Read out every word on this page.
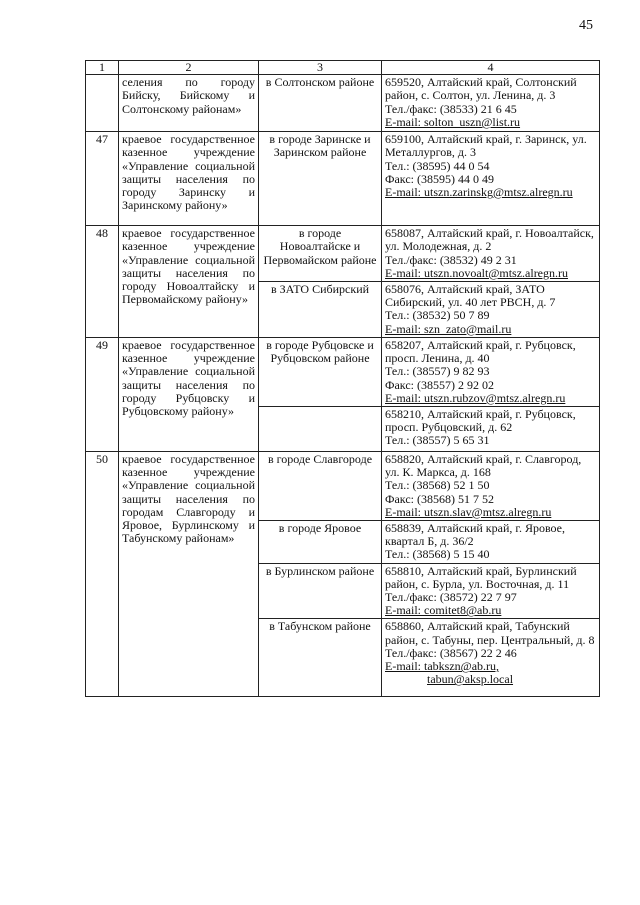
45
1	2	3	4
	селения по городу Бийску, Бийскому и Солтонскому районам»	в Солтонском районе	659520, Алтайский край, Солтонский район, с. Солтон, ул. Ленина, д. 3
Тел./факс: (38533) 21 6 45
E-mail: solton_uszn@list.ru

47	краевое государственное казенное учреждение «Управление социальной защиты населения по городу Заринску и Заринскому району»	в городе Заринске и Заринском районе	659100, Алтайский край, г. Заринск, ул. Металлургов, д. 3
Тел.: (38595) 44 0 54
Факс: (38595) 44 0 49
E-mail: utszn.zarinskg@mtsz.alregn.ru

48	краевое государственное казенное учреждение «Управление социальной защиты населения по городу Новоалтайску и Первомайскому району»	в городе Новоалтайске и Первомайском районе	658087, Алтайский край, г. Новоалтайск, ул. Молодежная, д. 2
Тел./факс: (38532) 49 2 31
E-mail: utszn.novoalt@mtsz.alregn.ru

		в ЗАТО Сибирский	658076, Алтайский край, ЗАТО Сибирский, ул. 40 лет РВСН, д. 7
Тел.: (38532) 50 7 89
E-mail: szn_zato@mail.ru

49	краевое государственное казенное учреждение «Управление социальной защиты населения по городу Рубцовску и Рубцовскому району»	в городе Рубцовске и Рубцовском районе	658207, Алтайский край, г. Рубцовск, просп. Ленина, д. 40
Тел.: (38557) 9 82 93
Факс: (38557) 2 92 02
E-mail: utszn.rubzov@mtsz.alregn.ru

			658210, Алтайский край, г. Рубцовск, просп. Рубцовский, д. 62
Тел.: (38557) 5 65 31

50	краевое государственное казенное учреждение «Управление социальной защиты населения по городам Славгороду и Яровое, Бурлинскому и Табунскому районам»	в городе Славгороде	658820, Алтайский край, г. Славгород, ул. К. Маркса, д. 168
Тел.: (38568) 52 1 50
Факс: (38568) 51 7 52
E-mail: utszn.slav@mtsz.alregn.ru

		в городе Яровое	658839, Алтайский край, г. Яровое, квартал Б, д. 36/2
Тел.: (38568) 5 15 40

		в Бурлинском районе	658810, Алтайский край, Бурлинский район, с. Бурла, ул. Восточная, д. 11
Тел./факс: (38572) 22 7 97
E-mail: comitet8@ab.ru

		в Табунском районе	658860, Алтайский край, Табунский район, с. Табуны, пер. Центральный, д. 8
Тел./факс: (38567) 22 2 46
E-mail: tabkszn@ab.ru,
tabun@aksp.local
